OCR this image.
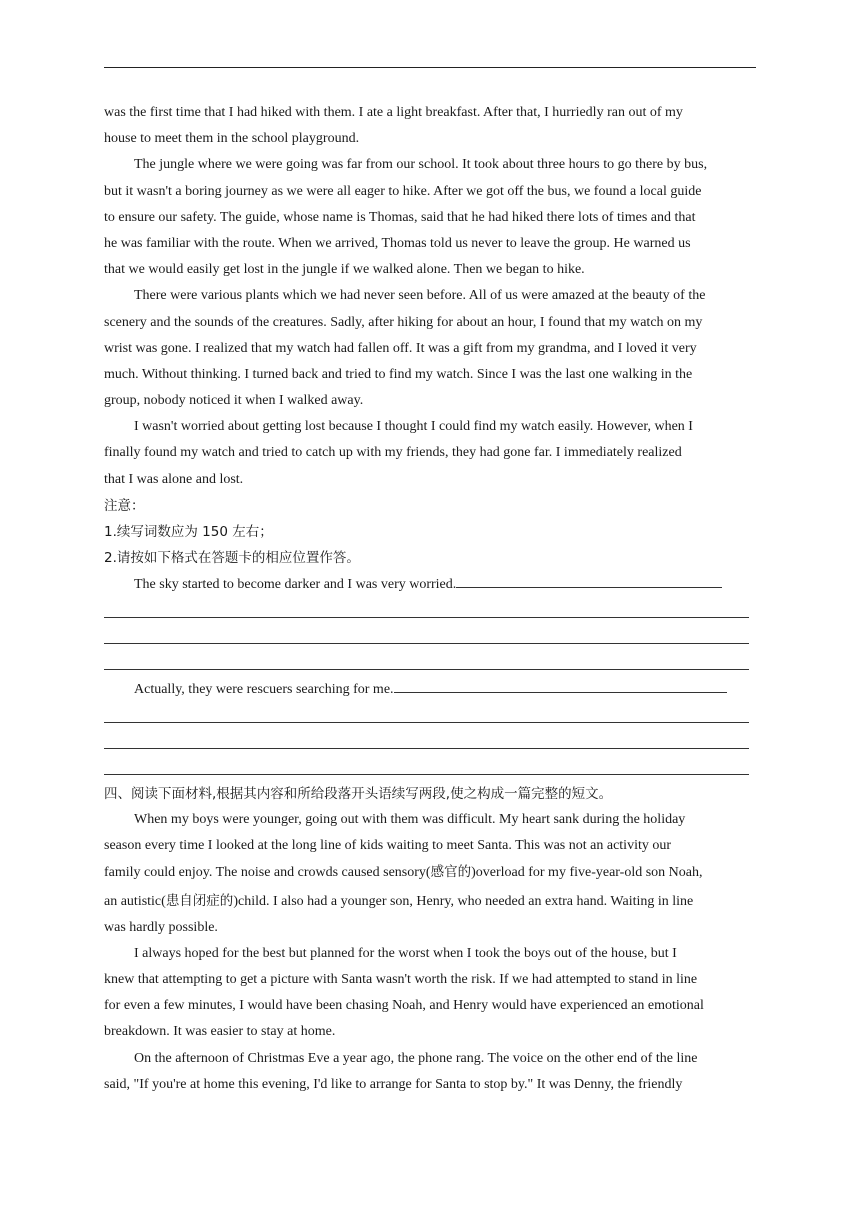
was the first time that I had hiked with them. I ate a light breakfast. After that, I hurriedly ran out of my
house to meet them in the school playground.
The jungle where we were going was far from our school. It took about three hours to go there by bus,
but it wasn't a boring journey as we were all eager to hike. After we got off the bus, we found a local guide
to ensure our safety. The guide, whose name is Thomas, said that he had hiked there lots of times and that
he was familiar with the route. When we arrived, Thomas told us never to leave the group. He warned us
that we would easily get lost in the jungle if we walked alone. Then we began to hike.
There were various plants which we had never seen before. All of us were amazed at the beauty of the
scenery and the sounds of the creatures. Sadly, after hiking for about an hour, I found that my watch on my
wrist was gone. I realized that my watch had fallen off. It was a gift from my grandma, and I loved it very
much. Without thinking. I turned back and tried to find my watch. Since I was the last one walking in the
group, nobody noticed it when I walked away.
I wasn't worried about getting lost because I thought I could find my watch easily. However, when I
finally found my watch and tried to catch up with my friends, they had gone far. I immediately realized
that I was alone and lost.
注意：
1.续写词数应为 150 左右；
2.请按如下格式在答题卡的相应位置作答。
The sky started to become darker and I was very worried.
Actually, they were rescuers searching for me.
四、阅读下面材料,根据其内容和所给段落开头语续写两段,使之构成一篇完整的短文。
When my boys were younger, going out with them was difficult. My heart sank during the holiday
season every time I looked at the long line of kids waiting to meet Santa. This was not an activity our
family could enjoy. The noise and crowds caused sensory(感官的)overload for my five-year-old son Noah,
an autistic(患自闭症的)child. I also had a younger son, Henry, who needed an extra hand. Waiting in line
was hardly possible.
I always hoped for the best but planned for the worst when I took the boys out of the house, but I
knew that attempting to get a picture with Santa wasn't worth the risk. If we had attempted to stand in line
for even a few minutes, I would have been chasing Noah, and Henry would have experienced an emotional
breakdown. It was easier to stay at home.
On the afternoon of Christmas Eve a year ago, the phone rang. The voice on the other end of the line
said, "If you're at home this evening, I'd like to arrange for Santa to stop by." It was Denny, the friendly
